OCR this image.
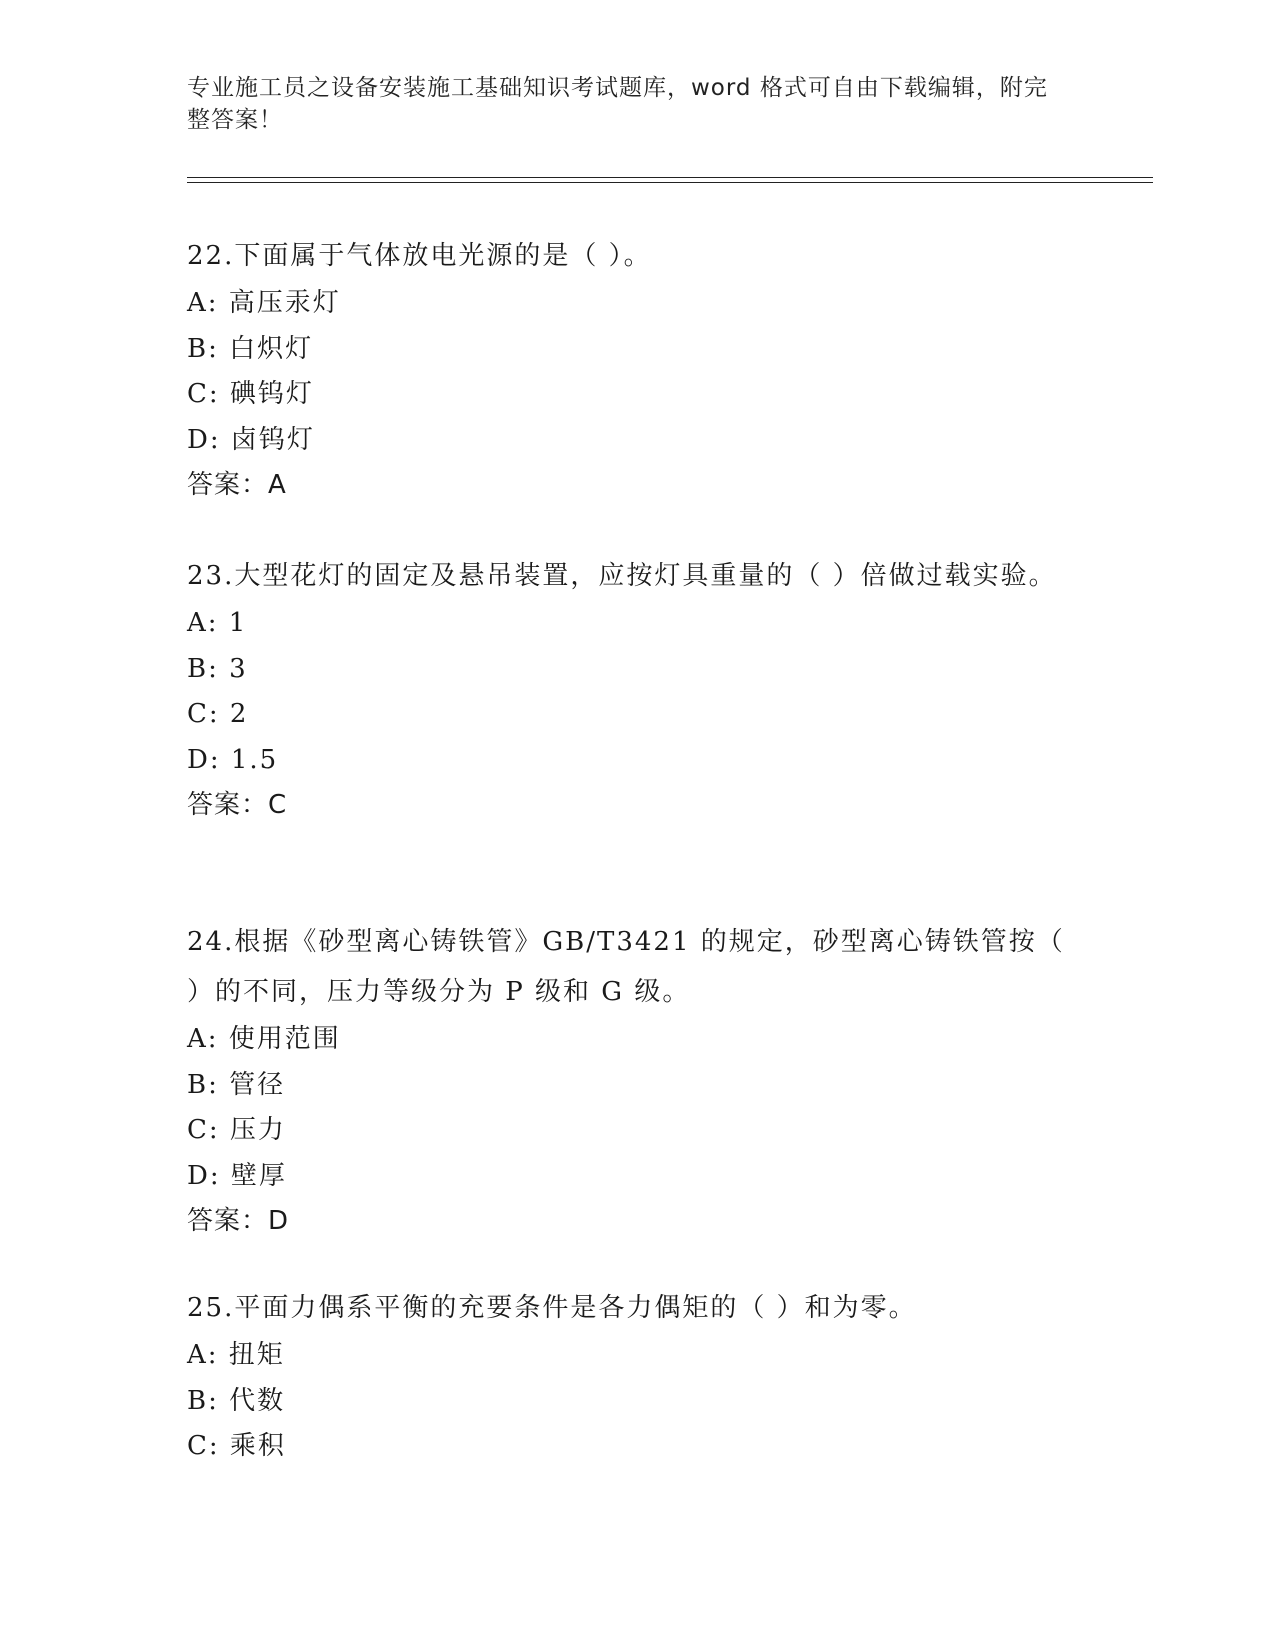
专业施工员之设备安装施工基础知识考试题库，word 格式可自由下载编辑，附完整答案！

22.下面属于气体放电光源的是（ ）。

A: 高压汞灯
B: 白炽灯
C: 碘钨灯
D: 卤钨灯
答案：A

23.大型花灯的固定及悬吊装置，应按灯具重量的（ ）倍做过载实验。

A: 1
B: 3
C: 2
D: 1.5
答案：C

24.根据《砂型离心铸铁管》GB/T3421 的规定，砂型离心铸铁管按（ ）的不同，压力等级分为 P 级和 G 级。

A: 使用范围
B: 管径
C: 压力
D: 壁厚
答案：D

25.平面力偶系平衡的充要条件是各力偶矩的（ ）和为零。

A: 扭矩
B: 代数
C: 乘积
